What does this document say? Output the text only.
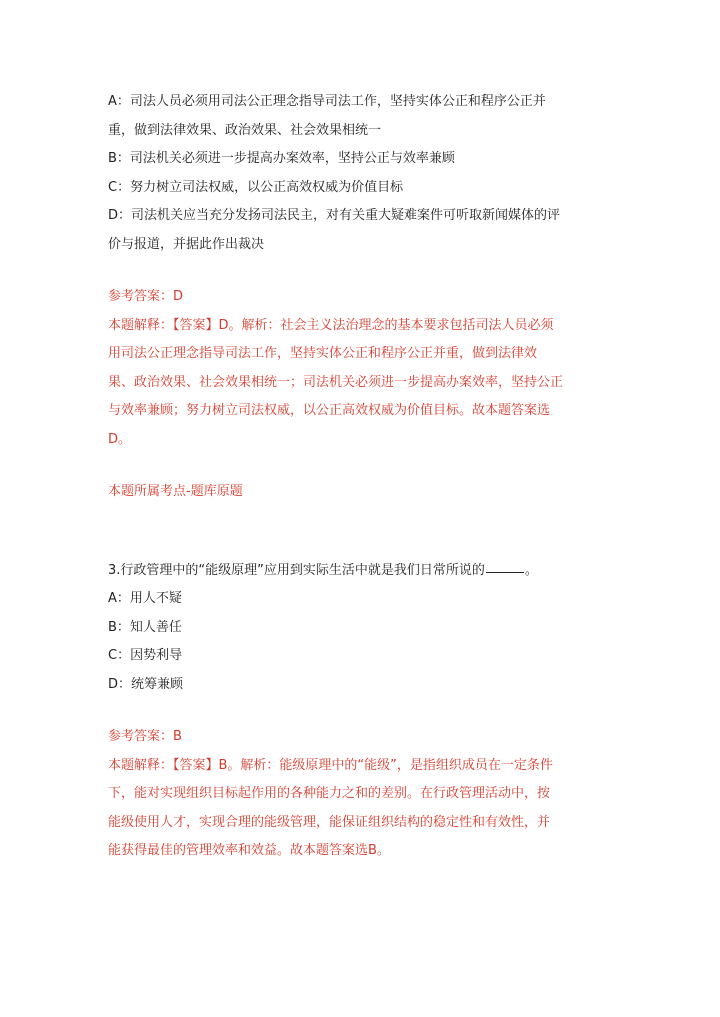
A：司法人员必须用司法公正理念指导司法工作，坚持实体公正和程序公正并
重，做到法律效果、政治效果、社会效果相统一
B：司法机关必须进一步提高办案效率，坚持公正与效率兼顾
C：努力树立司法权威，以公正高效权威为价值目标
D：司法机关应当充分发扬司法民主，对有关重大疑难案件可听取新闻媒体的评
价与报道，并据此作出裁决
参考答案：D
本题解释：【答案】D。解析：社会主义法治理念的基本要求包括司法人员必须
用司法公正理念指导司法工作，坚持实体公正和程序公正并重，做到法律效
果、政治效果、社会效果相统一；司法机关必须进一步提高办案效率，坚持公正
与效率兼顾；努力树立司法权威，以公正高效权威为价值目标。故本题答案选
D。
本题所属考点-题库原题
3.行政管理中的“能级原理”应用到实际生活中就是我们日常所说的	。
A：用人不疑
B：知人善任
C：因势利导
D：统筹兼顾
参考答案：B
本题解释：【答案】B。解析：能级原理中的“能级”，是指组织成员在一定条件
下，能对实现组织目标起作用的各种能力之和的差别。在行政管理活动中，按
能级使用人才，实现合理的能级管理，能保证组织结构的稳定性和有效性，并
能获得最佳的管理效率和效益。故本题答案选B。
